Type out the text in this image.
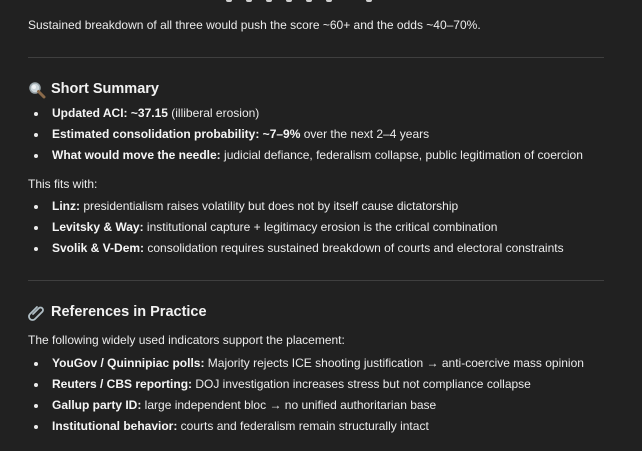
Sustained breakdown of all three would push the score ~60+ and the odds ~40–70%.

Short Summary
Updated ACI: ~37.15 (illiberal erosion)
Estimated consolidation probability: ~7–9% over the next 2–4 years
What would move the needle: judicial defiance, federalism collapse, public legitimation of coercion

This fits with:

Linz: presidentialism raises volatility but does not by itself cause dictatorship
Levitsky & Way: institutional capture + legitimacy erosion is the critical combination
Svolik & V-Dem: consolidation requires sustained breakdown of courts and electoral constraints
References in Practice

The following widely used indicators support the placement:

YouGov / Quinnipiac polls: Majority rejects ICE shooting justification → anti-coercive mass opinion
Reuters / CBS reporting: DOJ investigation increases stress but not compliance collapse
Gallup party ID: large independent bloc → no unified authoritarian base
Institutional behavior: courts and federalism remain structurally intact
